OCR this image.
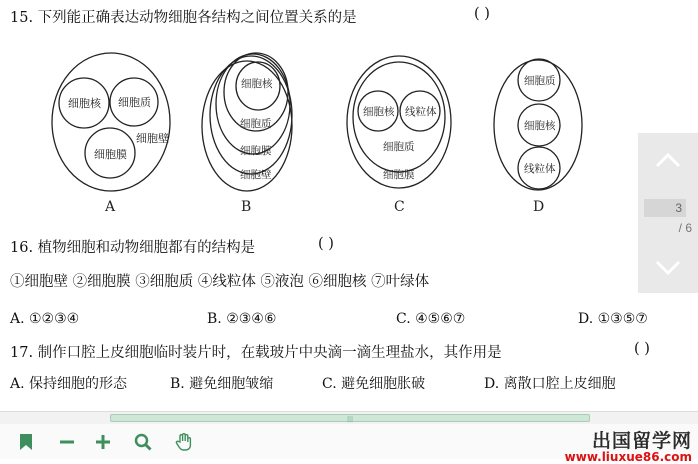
15. 下列能正确表达动物细胞各结构之间位置关系的是	( )
细胞核 细胞质
细胞壁
细胞膜
A
细胞核
细胞质
细胞膜
细胞壁
B
细胞核 线粒体
细胞质
细胞膜
C
细胞质
细胞核
线粒体
D
16. 植物细胞和动物细胞都有的结构是	( )
①细胞壁 ②细胞膜 ③细胞质 ④线粒体 ⑤液泡 ⑥细胞核 ⑦叶绿体
A. ①②③④	B. ②③④⑥	C. ④⑤⑥⑦	D. ①③⑤⑦
17. 制作口腔上皮细胞临时装片时，在载玻片中央滴一滴生理盐水，其作用是	( )
A. 保持细胞的形态	B. 避免细胞皱缩	C. 避免细胞胀破	D. 离散口腔上皮细胞
3
/ 6
|||
出国留学网
www.liuxue86.com
